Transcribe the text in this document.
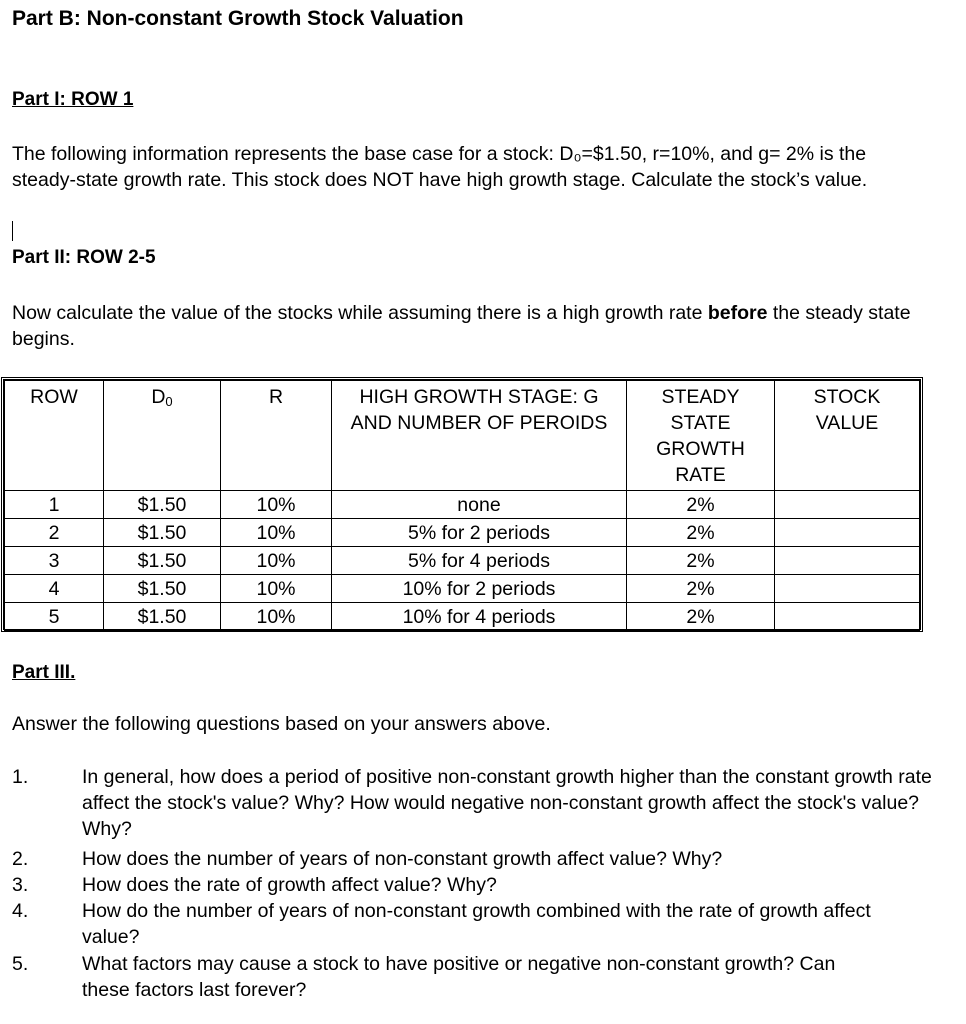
Part B: Non-constant Growth Stock Valuation
Part I: ROW 1
The following information represents the base case for a stock: D₀=$1.50, r=10%, and g= 2% is the steady-state growth rate. This stock does NOT have high growth stage. Calculate the stock’s value.
Part II: ROW 2-5
Now calculate the value of the stocks while assuming there is a high growth rate before the steady state begins.
ROW	$D_0$	R	HIGH GROWTH STAGE: G AND NUMBER OF PEROIDS	STEADY STATE GROWTH RATE	STOCK VALUE
1	$1.50	10%	none	2%	
2	$1.50	10%	5% for 2 periods	2%	
3	$1.50	10%	5% for 4 periods	2%	
4	$1.50	10%	10% for 2 periods	2%	
5	$1.50	10%	10% for 4 periods	2%	
Part III.
Answer the following questions based on your answers above.
1.	In general, how does a period of positive non-constant growth higher than the constant growth rate affect the stock's value? Why? How would negative non-constant growth affect the stock's value? Why?
2.	How does the number of years of non-constant growth affect value? Why?
3.	How does the rate of growth affect value? Why?
4.	How do the number of years of non-constant growth combined with the rate of growth affect value?
5.	What factors may cause a stock to have positive or negative non-constant growth? Can these factors last forever?
